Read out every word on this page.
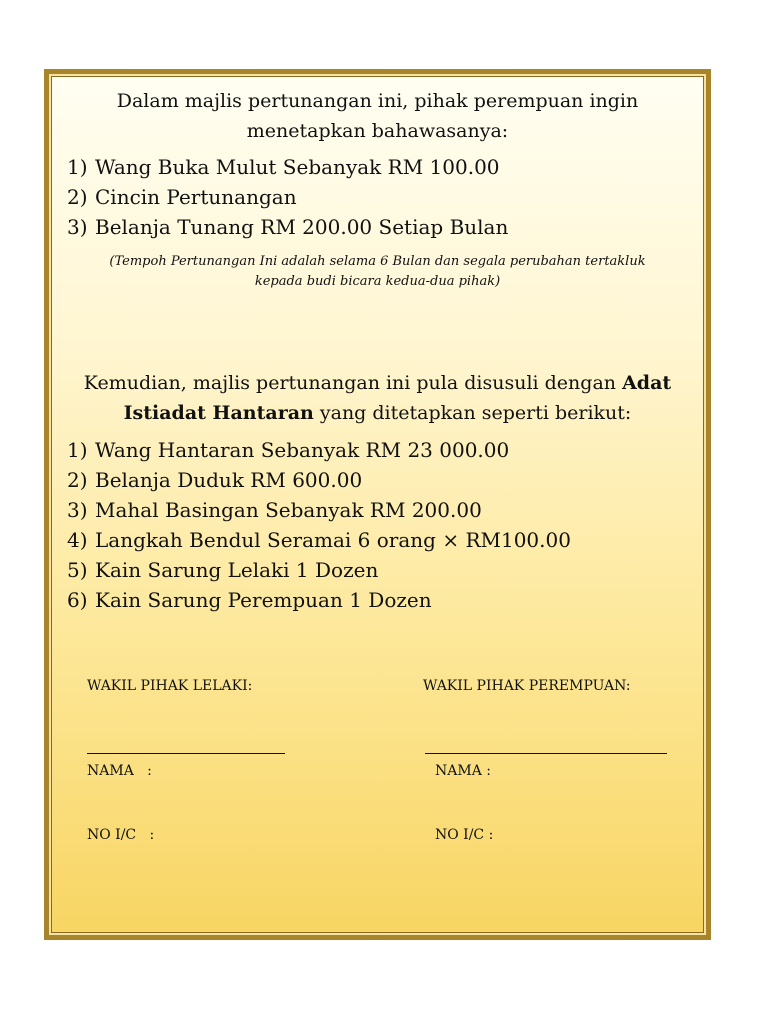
Dalam majlis pertunangan ini, pihak perempuan ingin
menetapkan bahawasanya:
1) Wang Buka Mulut Sebanyak RM 100.00
2) Cincin Pertunangan
3) Belanja Tunang RM 200.00 Setiap Bulan
(Tempoh Pertunangan Ini adalah selama 6 Bulan dan segala perubahan tertakluk
kepada budi bicara kedua-dua pihak)
Kemudian, majlis pertunangan ini pula disusuli dengan Adat
Istiadat Hantaran yang ditetapkan seperti berikut:
1) Wang Hantaran Sebanyak RM 23 000.00
2) Belanja Duduk RM 600.00
3) Mahal Basingan Sebanyak RM 200.00
4) Langkah Bendul Seramai 6 orang × RM100.00
5) Kain Sarung Lelaki 1 Dozen
6) Kain Sarung Perempuan 1 Dozen
WAKIL PIHAK LELAKI:	WAKIL PIHAK PEREMPUAN:
NAMA   :	NAMA :
NO I/C   :	NO I/C :
